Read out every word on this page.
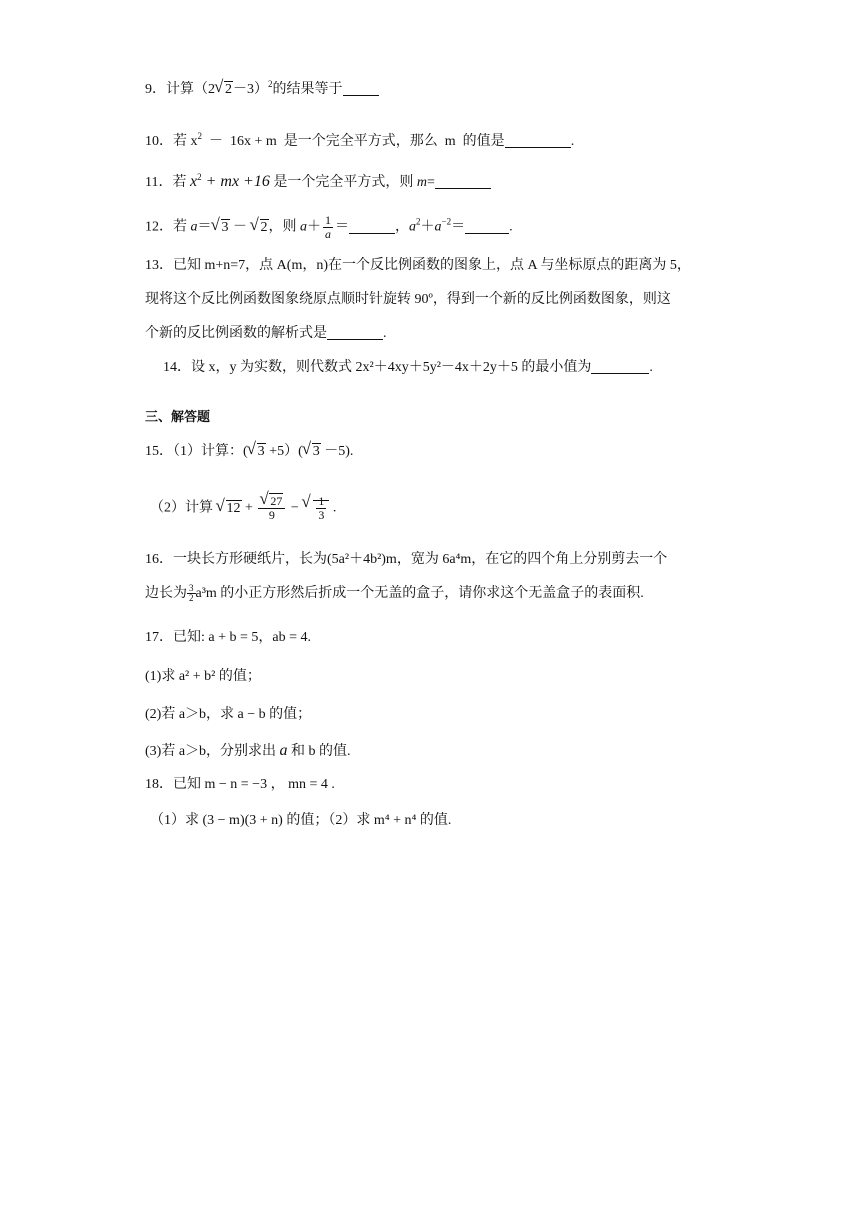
9．计算（2 √ 2－3）$^2$的结果等于
10．若 $x^2 - 16x + m$  是一个完全平方式，那么  m  的值是	.
11．若 $x^2$ + mx +16 是一个完全平方式，则 m=
12．若 a＝ √ 3 － √ 2，则 $a+ \frac{1}{a}$ ＝	，$a^2+a^{-2}=$	.
13．已知 m+n=7，点 A(m，n)在一个反比例函数的图象上，点 A 与坐标原点的距离为 5，
现将这个反比例函数图象绕原点顺时针旋转 90º，得到一个新的反比例函数图象，则这
个新的反比例函数的解析式是	.
14．设 x，y 为实数，则代数式 2x²＋4xy＋5y²－4x＋2y＋5 的最小值为	.
三、解答题
15．（1）计算：( √ 3 +5）( √ 3 －5).
（2）计算 √ 12 + √ $\frac{27}{9}$ − √ $\frac{1}{3}$ .
16．一块长方形硬纸片，长为(5a²＋4b²)m，宽为 6a⁴m，在它的四个角上分别剪去一个
边长为 $\frac{3}{2} a^3m$ 的小正方形然后折成一个无盖的盒子，请你求这个无盖盒子的表面积.
17．已知: a + b = 5，ab = 4.
(1)求 a² + b² 的值；
(2)若 a＞b，求 a − b 的值；
(3)若 a＞b，分别求出 a 和 b 的值.
18．已知 m − n = −3 ， mn = 4 .
（1）求 (3 − m)(3 + n) 的值；（2）求 m⁴ + n⁴ 的值.
